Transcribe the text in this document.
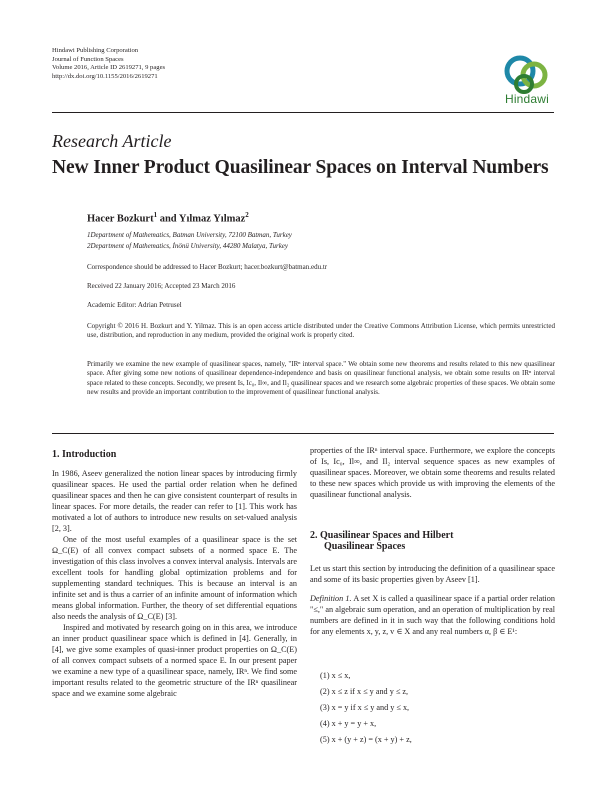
Hindawi Publishing Corporation
Journal of Function Spaces
Volume 2016, Article ID 2619271, 9 pages
http://dx.doi.org/10.1155/2016/2619271
Hindawi
Research Article
New Inner Product Quasilinear Spaces on Interval Numbers
Hacer Bozkurt$^1$ and Yılmaz Yılmaz$^2$
1Department of Mathematics, Batman University, 72100 Batman, Turkey
2Department of Mathematics, İnönü University, 44280 Malatya, Turkey
Correspondence should be addressed to Hacer Bozkurt; hacer.bozkurt@batman.edu.tr
Received 22 January 2016; Accepted 23 March 2016
Academic Editor: Adrian Petrusel
Copyright © 2016 H. Bozkurt and Y. Yilmaz. This is an open access article distributed under the Creative Commons Attribution License, which permits unrestricted use, distribution, and reproduction in any medium, provided the original work is properly cited.
Primarily we examine the new example of quasilinear spaces, namely, "IRⁿ interval space." We obtain some new theorems and results related to this new quasilinear space. After giving some new notions of quasilinear dependence-independence and basis on quasilinear functional analysis, we obtain some results on IRⁿ interval space related to these concepts. Secondly, we present Is, Ic₀, Il∞, and Il₂ quasilinear spaces and we research some algebraic properties of these spaces. We obtain some new results and provide an important contribution to the improvement of quasilinear functional analysis.
1. Introduction

In 1986, Aseev generalized the notion linear spaces by introducing firmly quasilinear spaces. He used the partial order relation when he defined quasilinear spaces and then he can give consistent counterpart of results in linear spaces. For more details, the reader can refer to [1]. This work has motivated a lot of authors to introduce new results on set-valued analysis [2, 3].

One of the most useful examples of a quasilinear space is the set Ω_C(E) of all convex compact subsets of a normed space E. The investigation of this class involves a convex interval analysis. Intervals are excellent tools for handling global optimization problems and for supplementing standard techniques. This is because an interval is an infinite set and is thus a carrier of an infinite amount of information which means global information. Further, the theory of set differential equations also needs the analysis of Ω_C(E) [3].

Inspired and motivated by research going on in this area, we introduce an inner product quasilinear space which is defined in [4]. Generally, in [4], we give some examples of quasi-inner product properties on Ω_C(E) of all convex compact subsets of a normed space E. In our present paper we examine a new type of a quasilinear space, namely, IRⁿ. We find some important results related to the geometric structure of the IRⁿ quasilinear space and we examine some algebraic

properties of the IRⁿ interval space. Furthermore, we explore the concepts of Is, Ic₀, Il∞, and Il₂ interval sequence spaces as new examples of quasilinear spaces. Moreover, we obtain some theorems and results related to these new spaces which provide us with improving the elements of the quasilinear functional analysis.

2. Quasilinear Spaces and Hilbert
Quasilinear Spaces

Let us start this section by introducing the definition of a quasilinear space and some of its basic properties given by Aseev [1].

Definition 1. A set X is called a quasilinear space if a partial order relation "≤," an algebraic sum operation, and an operation of multiplication by real numbers are defined in it in such way that the following conditions hold for any elements x, y, z, v ∈ X and any real numbers α, β ∈ E¹:

(1) x ≤ x,
(2) x ≤ z if x ≤ y and y ≤ z,
(3) x = y if x ≤ y and y ≤ x,
(4) x + y = y + x,
(5) x + (y + z) = (x + y) + z,
